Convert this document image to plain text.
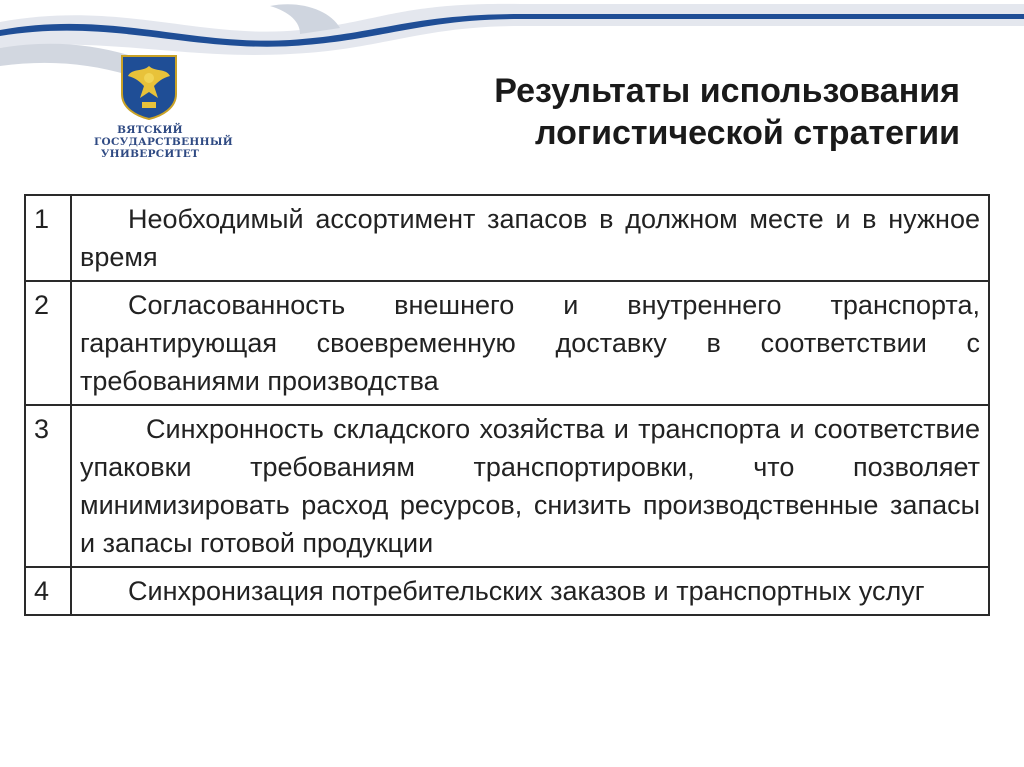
ВЯТСКИЙ
ГОСУДАРСТВЕННЫЙ
УНИВЕРСИТЕТ
Результаты использования
логистической стратегии
1	Необходимый ассортимент запасов в должном месте и в нужное время
2	Согласованность внешнего и внутреннего транспорта, гарантирующая своевременную доставку в соответствии с требованиями производства
3	Синхронность складского хозяйства и транспорта и соответствие упаковки требованиям транспортировки, что позволяет минимизировать расход ресурсов, снизить производственные запасы и запасы готовой продукции
4	Синхронизация потребительских заказов и транспортных услуг
